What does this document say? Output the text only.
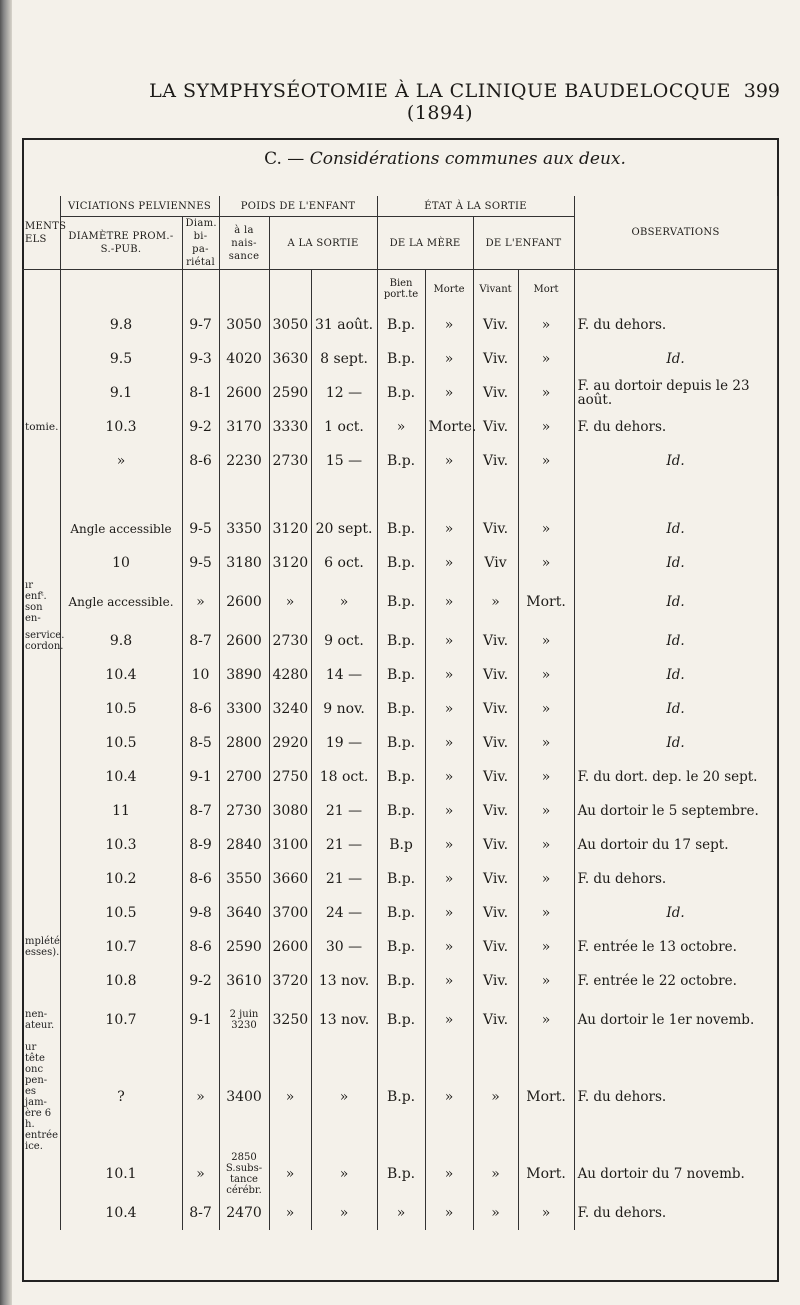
LA SYMPHYSÉOTOMIE À LA CLINIQUE BAUDELOCQUE (1894)
399
C. — Considérations communes aux deux.
MENTS ELS	VICIATIONS PELVIENNES		POIDS DE L'ENFANT			ÉTAT À LA SORTIE				OBSERVATIONS
	DIAMÈTRE PROM.-S.-PUB.	Diam. bi-pa-riétal	à la nais-sance	A LA SORTIE		DE LA MÈRE		DE L'ENFANT		
						Bien port.te	Morte	Vivant	Mort	
	9.8	9-7	3050	3050	31 août.	B.p.	»	Viv.	»	F. du dehors.
	9.5	9-3	4020	3630	8 sept.	B.p.	»	Viv.	»	Id.
	9.1	8-1	2600	2590	12 —	B.p.	»	Viv.	»	F. au dortoir depuis le 23 août.
tomie.	10.3	9-2	3170	3330	1 oct.	»	Morte.	Viv.	»	F. du dehors.
	»	8-6	2230	2730	15 —	B.p.	»	Viv.	»	Id.

	Angle accessible	9-5	3350	3120	20 sept.	B.p.	»	Viv.	»	Id.
	10	9-5	3180	3120	6 oct.	B.p.	»	Viv	»	Id.
ır enfᵗ. son en-	Angle accessible.	»	2600	»	»	B.p.	»	»	Mort.	Id.
service. cordon.	9.8	8-7	2600	2730	9 oct.	B.p.	»	Viv.	»	Id.
	10.4	10	3890	4280	14 —	B.p.	»	Viv.	»	Id.
	10.5	8-6	3300	3240	9 nov.	B.p.	»	Viv.	»	Id.
	10.5	8-5	2800	2920	19 —	B.p.	»	Viv.	»	Id.
	10.4	9-1	2700	2750	18 oct.	B.p.	»	Viv.	»	F. du dort. dep. le 20 sept.
	11	8-7	2730	3080	21 —	B.p.	»	Viv.	»	Au dortoir le 5 septembre.
	10.3	8-9	2840	3100	21 —	B.p	»	Viv.	»	Au dortoir du 17 sept.
	10.2	8-6	3550	3660	21 —	B.p.	»	Viv.	»	F. du dehors.
	10.5	9-8	3640	3700	24 —	B.p.	»	Viv.	»	Id.
mplété esses).	10.7	8-6	2590	2600	30 —	B.p.	»	Viv.	»	F. entrée le 13 octobre.
	10.8	9-2	3610	3720	13 nov.	B.p.	»	Viv.	»	F. entrée le 22 octobre.
nen- ateur.	10.7	9-1	2 juin 3230	3250	13 nov.	B.p.	»	Viv.	»	Au dortoir le 1er novemb.
ur tête onc pen- es jam- ère 6 h. entrée ice.	?	»	3400	»	»	B.p.	»	»	Mort.	F. du dehors.
	10.1	»	2850 S.subs-tance cérébr.	»	»	B.p.	»	»	Mort.	Au dortoir du 7 novemb.
	10.4	8-7	2470	»	»	»	»	»	»	F. du dehors.
